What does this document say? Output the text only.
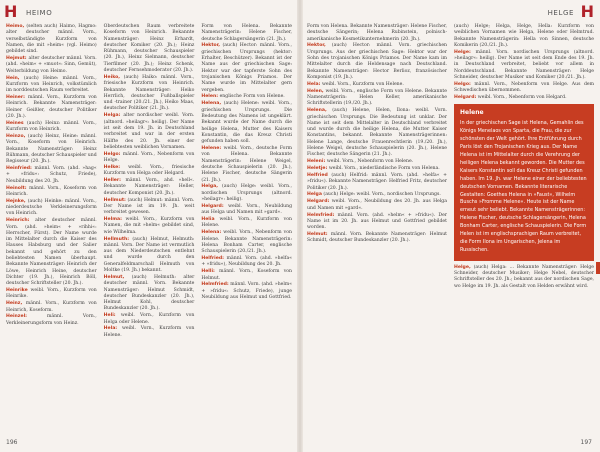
H HEIMO

Heimo, (selten auch) Haimo, Hagmo: alter deutscher männl. Vorn., verselbständigte Kurzform von Namen, die mit »heim« (vgl. Heimo) gebildet sind.

Hejmut: alter deutscher männl. Vorn. (ahd. »heim« + »muot«: Sinn, Gemüt), Weiterbildung von Heimo.

Hein, (auch) Heine: männl. Vorn., Kurzform von Heinrich, volkstümlich im norddeutschen Raum verbreitet.

Heiner: männl. Vorn., Kurzform von Heinrich. Bekannte Namensträger: Heiner Geißler, deutscher Politiker (20. Jh.).

Heines (auch) Heinz: männl. Vorn., Kurzform von Heinrich.

Heinzo, (auch) Heinz, Heine: männl. Vorn., Koseform von Heinrich. Bekannte Namensträger: Heinz Rühmann, deutscher Schauspieler und Regisseur (20. Jh.).

Heinfried: männl. Vorn. (ahd. »hag« + »fridu«: Schutz, Friede), Neubildung des 20. Jh.

Heinolt: männl. Vorn., Koseform von Heinrich.

Hejnke, (auch) Heinke: männl. Vorn., niederdeutsche Verkleinerungsform von Heinrich.

Heinrich: alter deutscher männl. Vorn. (ahd. »heim« + »rihhi«: Herrscher, Fürst). Der Name wurde im Mittelalter durch die Kaiser des Hauses Habsburg und der Salier bekannt und gehört zu den beliebtesten Namen überhaupt. Bekannte Namensträger: Heinrich der Löwe, Heinrich Heine, deutscher Dichter (19. Jh.), Heinrich Böll, deutscher Schriftsteller (20. Jh.).

Heinrike weibl. Vorn., Kurzform von Heinrike.

Heinz, männl. Vorn., Kurzform von Heinrich, Koseform.

Heinzel:	männl. Vorn., Verkleinerungsform von Heinz.

Oberdeutschen Raum verbreitete Koseform von Heinrich. Bekannte Namensträger: Heinz Erhardt, deutscher Komiker (20. Jh.); Heinz Rühmann, deutscher Schauspieler (20. Jh.), Heinz Sielmann, deutscher Tierfilmer (20. Jh.); Heinz Schenk, deutscher Fernsehmoderator (20. Jh.).

Heiko, (auch) Haiko: männl. Vorn., friesische Kurzform von Heinrich. Bekannte Namensträger: Heiko Herrlich, deutscher Fußballspieler und -trainer (20./21. Jh.), Heiko Maas, deutscher Politiker (21. Jh.).

Helga: alter nordischer weibl. Vorn. (altnord. »heilagr«: heilig). Der Name ist seit dem 19. Jh. in Deutschland verbreitet und war in der ersten Hälfte des 20. Jh. einer der beliebtesten weiblichen Vornamen.

Helgo: männl. Vorn., Nebenform von Helge.

Helke: weibl. Vorn., friesische Kurzform von Helga oder Helgard.

Heller: männl. Vorn., ahd. »hell«. Bekannte Namensträger: Heller, deutscher Komponist (20. Jh.).

Hellmut: (auch) Helmut: männl. Vorn. Der Name ist im 19. Jh. weit verbreitet gewesen.

Helma: weibl. Vorn., Kurzform von Namen, die mit »helm« gebildet sind, wie Wilhelma.

Hellmuth: (auch) Helmut, Helmuth: männl. Vorn. Der Name ist vermutlich aus dem Niederdeutschen entlehnt und wurde durch den Generalfeldmarschall Helmuth von Moltke (19. Jh.) bekannt.

Helmut, (auch) Helmuth: alter deutscher männl. Vorn. Bekannte Namensträger: Helmut Schmidt, deutscher Bundeskanzler (20. Jh.), Helmut Kohl, deutscher Bundeskanzler (20. Jh.).

Heli: weibl. Vorn., Kurzform von Helga oder Helene.

Hela: weibl. Vorn., Kurzform von Helene.

Form von Helena. Bekannte Namensträgerin: Helene Fischer, deutsche Schlagersängerin (21. Jh.).

Hektor, (auch) Hector: männl. Vorn., griechischen Ursprungs (hektor: Erhalter, Beschützer). Bekannt ist der Name aus der griechischen Sage: Hektor war der tapferste Sohn des trojanischen Königs Priamos. Der Name wurde im Mittelalter gern vergeben.

Helen: englische Form von Helene.

Helena, (auch) Helene: weibl. Vorn., griechischen Ursprungs. Die Bedeutung des Namens ist ungeklärt. Bekannt wurde der Name durch die heilige Helena, Mutter des Kaisers Konstantin, die das Kreuz Christi gefunden haben soll.

Helene: weibl. Vorn., deutsche Form von Helena. Bekannte Namensträgerin: Helene Weigel, deutsche Schauspielerin (20. Jh.), Helene Fischer, deutsche Sängerin (21. Jh.).

Helga, (auch) Helge: weibl. Vorn., nordischen Ursprungs (altnord. »heilagr«: heilig).

Helgard: weibl. Vorn., Neubildung aus Helga und Namen mit »gard«.

Helia weibl. Vorn., Kurzform von Helene.

Helena: weibl. Vorn., Nebenform von Helene. Bekannte Namensträgerin: Helena Bonham Carter, englische Schauspielerin (20./21. Jh.).

Helfried: männl. Vorn. (ahd. »helfa« + »fridu«), Neubildung des 20. Jh.

Helli: männl. Vorn., Koseform von Helmut.

Helmfried: männl. Vorn. (ahd. »helm« + »fridu«: Schutz, Friede), junge Neubildung aus Helmut und Gottfried.

196
H
HELGE

Form von Helena. Bekannte Namensträger: Helene Fischer, deutsche Sängerin; Helena Rubinstein, polnisch-amerikanische Kosmetikunternehmerin (20. Jh.).

Hektor, (auch) Hector: männl. Vorn. griechischen Ursprungs. Aus der griechischen Sage: Hektor war der Sohn des trojanischen Königs Priamos. Der Name kam im Mittelalter durch die Heldensage nach Deutschland. Bekannte Namensträger: Hector Berlioz, französischer Komponist (19. Jh.).

Hela: weibl. Vorn., Kurzform von Helene.

Helen, weibl. Vorn., englische Form von Helene. Bekannte Namensträgerin: Helen Keller, amerikanische Schriftstellerin (19./20. Jh.).

Helena, (auch) Helene, Helen, Ilona: weibl. Vorn. griechischen Ursprungs. Die Bedeutung ist unklar. Der Name ist seit dem Mittelalter in Deutschland verbreitet und wurde durch die heilige Helena, die Mutter Kaiser Konstantins, bekannt. Bekannte Namensträgerinnen: Helene Lange, deutsche Frauenrechtlerin (19./20. Jh.), Helene Weigel, deutsche Schauspielerin (20. Jh.), Helene Fischer, deutsche Sängerin (21. Jh.).

Heleni: weibl. Vorn., Nebenform von Helene.

Heletje: weibl. Vorn., niederländische Form von Helena.

Helfried (auch) Helfrid: männl. Vorn. (ahd. »helfa« + »fridu«). Bekannte Namensträger: Helfried Fritz, deutscher Politiker (20. Jh.).

Helga (auch) Helge: weibl. Vorn., nordischen Ursprungs.

Helgard: weibl. Vorn., Neubildung des 20. Jh. aus Helga und Namen mit »gard«.

Helmfried: männl. Vorn. (ahd. »helm« + »fridu«). Der Name ist im 20. Jh. aus Helmut und Gottfried gebildet worden.

Helmut: männl. Vorn. Bekannte Namensträger: Helmut Schmidt, deutscher Bundeskanzler (20. Jh.).

(auch) Helge; Helga, Helge, Hella: Kurzform von weiblichen Vornamen wie Helga, Helene oder Helmtrud. Bekannte Namensträgerin: Hella von Sinnen, deutsche Komikerin (20./21. Jh.).

Helge: männl. Vorn. nordischen Ursprungs (altnord. »heilagr«: heilig). Der Name ist seit dem Ende des 19. Jh. in Deutschland verbreitet, beliebt vor allem in Norddeutschland. Bekannte Namensträger: Helge Schneider, deutscher Musiker und Komiker (20./21. Jh.).

Helgo: männl. Vorn., Nebenform von Helge. Aus dem Schwedischen übernommen.

Helgard: weibl. Vorn., Nebenform von Helgard.

Helene
In der griechischen Sage ist Helena, Gemahlin des Königs Menelaos von Sparta, die Frau, die zur schönsten der Welt gehört. Ihre Entführung durch Paris löst den Trojanischen Krieg aus. Der Name Helena ist im Mittelalter durch die Verehrung der heiligen Helena bekannt geworden. Die Mutter des Kaisers Konstantin soll das Kreuz Christi gefunden haben. Im 19. Jh. war Helene einer der beliebtesten deutschen Vornamen. Bekannte literarische Gestalten: Goethes Helena in »Faust«, Wilhelm Buschs »Fromme Helene«. Heute ist der Name erneut sehr beliebt. Bekannte Namensträgerinnen: Helene Fischer, deutsche Schlagersängerin, Helena Bonham Carter, englische Schauspielerin. Die Form Helen ist im englischsprachigen Raum verbreitet, die Form Ilona im Ungarischen, Jelena im Russischen.

Helge, (auch) Helga: ... Bekannte Namensträger: Helge Schneider, deutscher Musiker; Helge Nebel, deutscher Schriftsteller des 20. Jh.; bekannt aus der nordischen Sage, wo Helge im 19. Jh. als Gestalt von Helden erwähnt wird.

197
